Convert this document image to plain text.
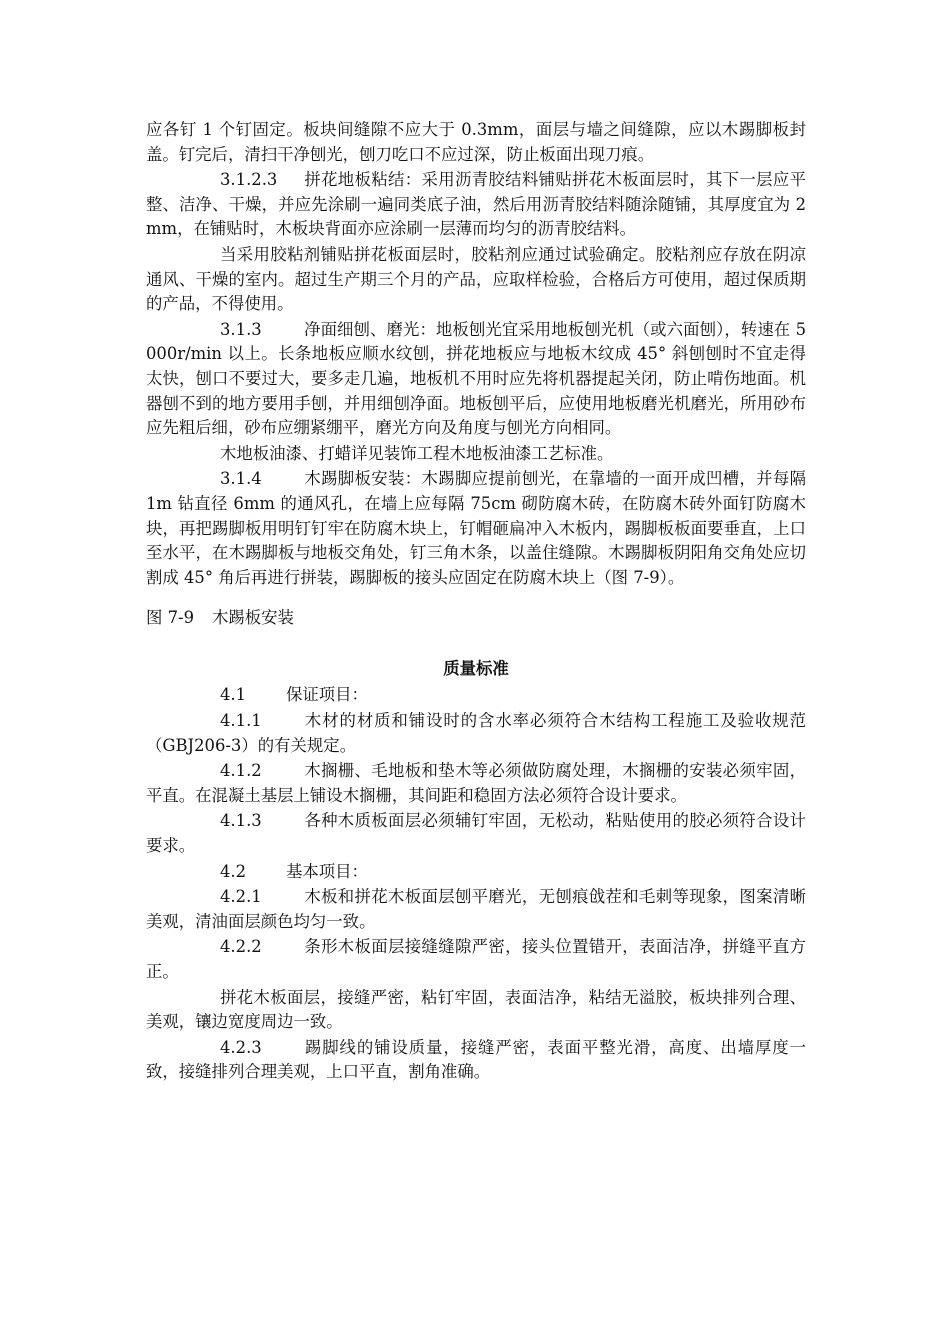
应各钉 1 个钉固定。板块间缝隙不应大于 0.3mm，面层与墙之间缝隙，应以木踢脚板封盖。钉完后，清扫干净刨光，刨刀吃口不应过深，防止板面出现刀痕。

3.1.2.3 拼花地板粘结：采用沥青胶结料铺贴拼花木板面层时，其下一层应平整、洁净、干燥，并应先涂刷一遍同类底子油，然后用沥青胶结料随涂随铺，其厚度宜为 2mm，在铺贴时，木板块背面亦应涂刷一层薄而均匀的沥青胶结料。

当采用胶粘剂铺贴拼花板面层时，胶粘剂应通过试验确定。胶粘剂应存放在阴凉通风、干燥的室内。超过生产期三个月的产品，应取样检验，合格后方可使用，超过保质期的产品，不得使用。

3.1.3	净面细刨、磨光：地板刨光宜采用地板刨光机（或六面刨），转速在 5000r/min 以上。长条地板应顺水纹刨，拼花地板应与地板木纹成 45° 斜刨刨时不宜走得太快，刨口不要过大，要多走几遍，地板机不用时应先将机器提起关闭，防止啃伤地面。机器刨不到的地方要用手刨，并用细刨净面。地板刨平后，应使用地板磨光机磨光，所用砂布应先粗后细，砂布应绷紧绷平，磨光方向及角度与刨光方向相同。

木地板油漆、打蜡详见装饰工程木地板油漆工艺标准。

3.1.4	木踢脚板安装：木踢脚应提前刨光，在靠墙的一面开成凹槽，并每隔 1m 钻直径 6mm 的通风孔，在墙上应每隔 75cm 砌防腐木砖，在防腐木砖外面钉防腐木块，再把踢脚板用明钉钉牢在防腐木块上，钉帽砸扁冲入木板内，踢脚板板面要垂直，上口至水平，在木踢脚板与地板交角处，钉三角木条，以盖住缝隙。木踢脚板阴阳角交角处应切割成 45° 角后再进行拼装，踢脚板的接头应固定在防腐木块上（图 7-9）。

图 7-9 木踢板安装
质量标准

4.1 保证项目：

4.1.1	木材的材质和铺设时的含水率必须符合木结构工程施工及验收规范（GBJ206-3）的有关规定。

4.1.2	木搁栅、毛地板和垫木等必须做防腐处理，木搁栅的安装必须牢固，平直。在混凝土基层上铺设木搁栅，其间距和稳固方法必须符合设计要求。

4.1.3	各种木质板面层必须辅钉牢固，无松动，粘贴使用的胶必须符合设计要求。

4.2 基本项目：

4.2.1	木板和拼花木板面层刨平磨光，无刨痕戗茬和毛刺等现象，图案清晰美观，清油面层颜色均匀一致。

4.2.2	条形木板面层接缝缝隙严密，接头位置错开，表面洁净，拼缝平直方正。

拼花木板面层，接缝严密，粘钉牢固，表面洁净，粘结无溢胶，板块排列合理、美观，镶边宽度周边一致。

4.2.3	踢脚线的铺设质量，接缝严密，表面平整光滑，高度、出墙厚度一致，接缝排列合理美观，上口平直，割角准确。
